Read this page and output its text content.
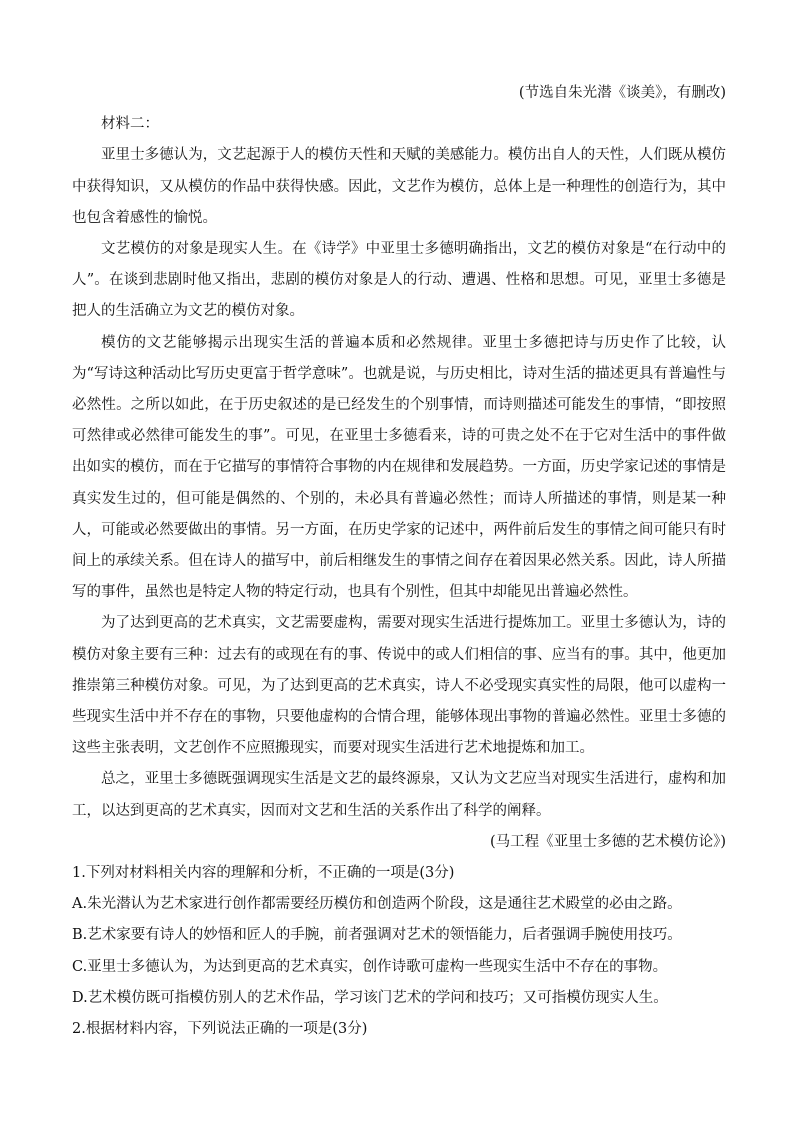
(节选自朱光潜《谈美》，有删改)

材料二：

亚里士多德认为，文艺起源于人的模仿天性和天赋的美感能力。模仿出自人的天性，人们既从模仿中获得知识，又从模仿的作品中获得快感。因此，文艺作为模仿，总体上是一种理性的创造行为，其中也包含着感性的愉悦。

文艺模仿的对象是现实人生。在《诗学》中亚里士多德明确指出，文艺的模仿对象是“在行动中的人”。在谈到悲剧时他又指出，悲剧的模仿对象是人的行动、遭遇、性格和思想。可见，亚里士多德是把人的生活确立为文艺的模仿对象。

模仿的文艺能够揭示出现实生活的普遍本质和必然规律。亚里士多德把诗与历史作了比较，认为“写诗这种活动比写历史更富于哲学意味”。也就是说，与历史相比，诗对生活的描述更具有普遍性与必然性。之所以如此，在于历史叙述的是已经发生的个别事情，而诗则描述可能发生的事情，“即按照可然律或必然律可能发生的事”。可见，在亚里士多德看来，诗的可贵之处不在于它对生活中的事件做出如实的模仿，而在于它描写的事情符合事物的内在规律和发展趋势。一方面，历史学家记述的事情是真实发生过的，但可能是偶然的、个别的，未必具有普遍必然性；而诗人所描述的事情，则是某一种人，可能或必然要做出的事情。另一方面，在历史学家的记述中，两件前后发生的事情之间可能只有时间上的承续关系。但在诗人的描写中，前后相继发生的事情之间存在着因果必然关系。因此，诗人所描写的事件，虽然也是特定人物的特定行动，也具有个别性，但其中却能见出普遍必然性。

为了达到更高的艺术真实，文艺需要虚构，需要对现实生活进行提炼加工。亚里士多德认为，诗的模仿对象主要有三种：过去有的或现在有的事、传说中的或人们相信的事、应当有的事。其中，他更加推崇第三种模仿对象。可见，为了达到更高的艺术真实，诗人不必受现实真实性的局限，他可以虚构一些现实生活中并不存在的事物，只要他虚构的合情合理，能够体现出事物的普遍必然性。亚里士多德的这些主张表明，文艺创作不应照搬现实，而要对现实生活进行艺术地提炼和加工。

总之，亚里士多德既强调现实生活是文艺的最终源泉，又认为文艺应当对现实生活进行，虚构和加工，以达到更高的艺术真实，因而对文艺和生活的关系作出了科学的阐释。

(马工程《亚里士多德的艺术模仿论》)

1.下列对材料相关内容的理解和分析，不正确的一项是(3分)

A.朱光潜认为艺术家进行创作都需要经历模仿和创造两个阶段，这是通往艺术殿堂的必由之路。

B.艺术家要有诗人的妙悟和匠人的手腕，前者强调对艺术的领悟能力，后者强调手腕使用技巧。

C.亚里士多德认为，为达到更高的艺术真实，创作诗歌可虚构一些现实生活中不存在的事物。

D.艺术模仿既可指模仿别人的艺术作品，学习该门艺术的学问和技巧；又可指模仿现实人生。

2.根据材料内容，下列说法正确的一项是(3分)
